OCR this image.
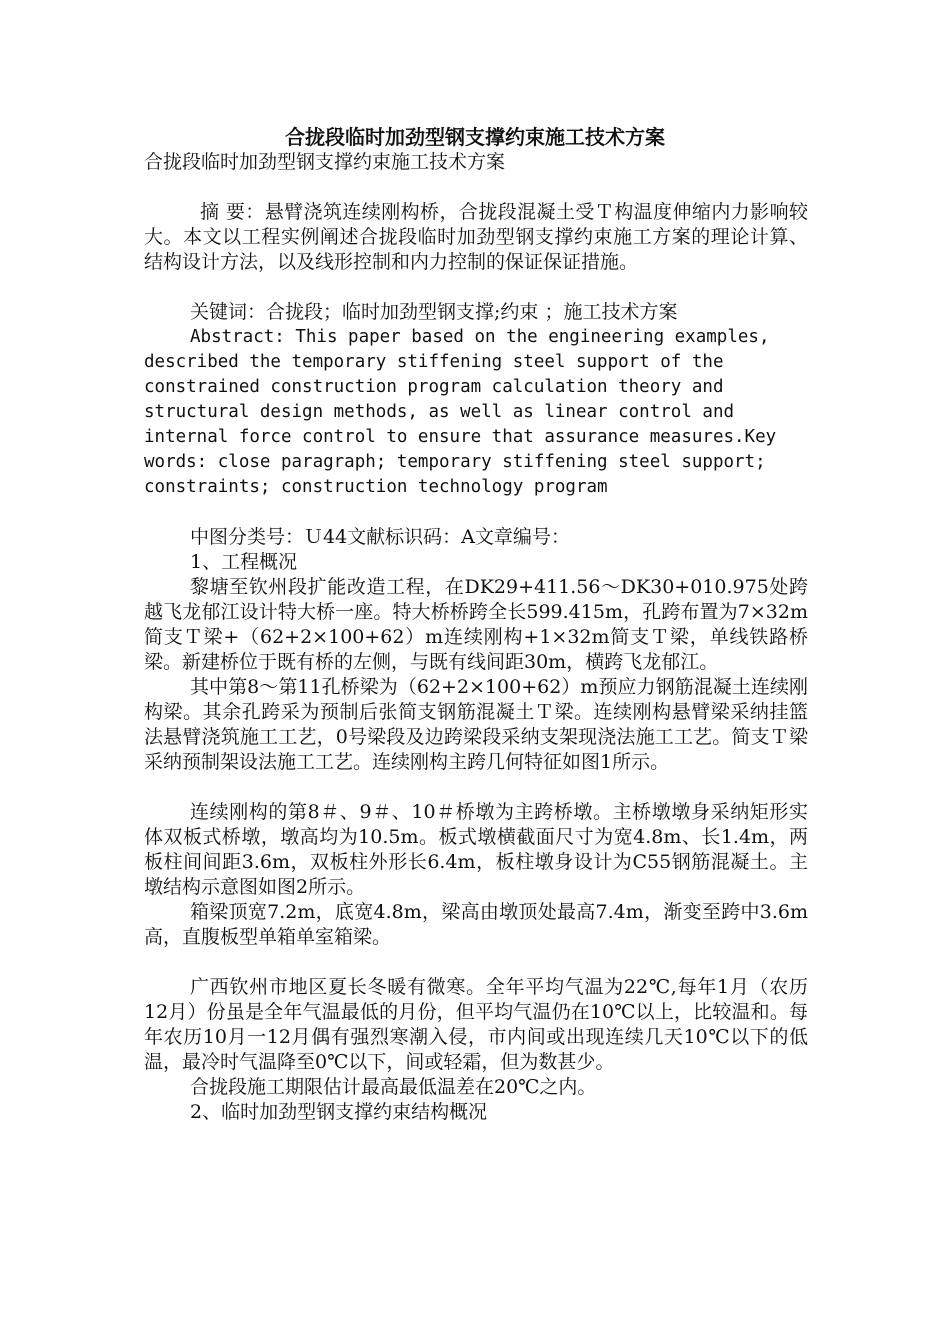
合拢段临时加劲型钢支撑约束施工技术方案

合拢段临时加劲型钢支撑约束施工技术方案

摘 要：悬臂浇筑连续刚构桥，合拢段混凝土受Ｔ构温度伸缩内力影响较大。本文以工程实例阐述合拢段临时加劲型钢支撑约束施工方案的理论计算、结构设计方法，以及线形控制和内力控制的保证保证措施。

关键词：合拢段；临时加劲型钢支撑;约束 ；施工技术方案

Abstract: This paper based on the engineering examples, described the temporary stiffening steel support of the constrained construction program calculation theory and structural design methods, as well as linear control and internal force control to ensure that assurance measures.Key words: close paragraph; temporary stiffening steel support; constraints; construction technology program

中图分类号：Ｕ44文献标识码：A文章编号：

1、工程概况

黎塘至钦州段扩能改造工程，在DK29+411.56～DK30+010.975处跨越飞龙郁江设计特大桥一座。特大桥桥跨全长599.415m，孔跨布置为7×32m简支Ｔ梁+（62+2×100+62）m连续刚构+1×32m简支Ｔ梁，单线铁路桥梁。新建桥位于既有桥的左侧，与既有线间距30m，横跨飞龙郁江。

其中第8～第11孔桥梁为（62+2×100+62）m预应力钢筋混凝土连续刚构梁。其余孔跨采为预制后张简支钢筋混凝土Ｔ梁。连续刚构悬臂梁采纳挂篮法悬臂浇筑施工工艺，0号梁段及边跨梁段采纳支架现浇法施工工艺。简支Ｔ梁采纳预制架设法施工工艺。连续刚构主跨几何特征如图1所示。

连续刚构的第8＃、9＃、10＃桥墩为主跨桥墩。主桥墩墩身采纳矩形实体双板式桥墩，墩高均为10.5m。板式墩横截面尺寸为宽4.8m、长1.4m，两板柱间间距3.6m，双板柱外形长6.4m，板柱墩身设计为C55钢筋混凝土。主墩结构示意图如图2所示。

箱梁顶宽7.2m，底宽4.8m，梁高由墩顶处最高7.4m，渐变至跨中3.6m高，直腹板型单箱单室箱梁。

广西钦州市地区夏长冬暖有微寒。全年平均气温为22℃,每年1月（农历12月）份虽是全年气温最低的月份，但平均气温仍在10℃以上，比较温和。每年农历10月一12月偶有强烈寒潮入侵，市内间或出现连续几天10℃以下的低温，最冷时气温降至0℃以下，间或轻霜，但为数甚少。

合拢段施工期限估计最高最低温差在20℃之内。

2、临时加劲型钢支撑约束结构概况
